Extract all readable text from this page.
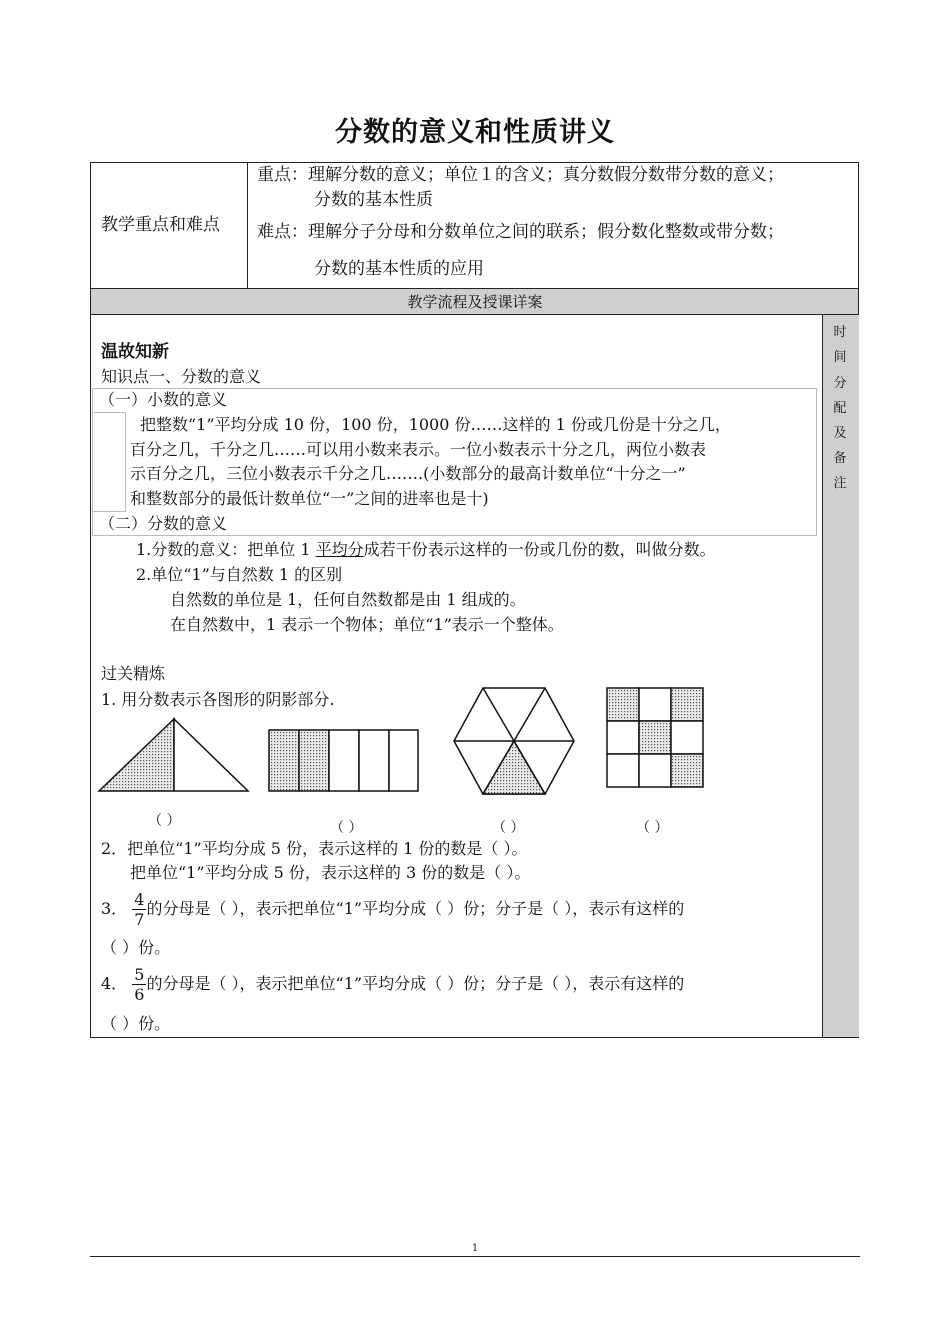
分数的意义和性质讲义
教学重点和难点
重点：理解分数的意义；单位１的含义；真分数假分数带分数的意义；
分数的基本性质
难点：理解分子分母和分数单位之间的联系；假分数化整数或带分数；
分数的基本性质的应用
教学流程及授课详案
时
间
分
配
及
备
注
温故知新
知识点一、分数的意义
（一）小数的意义
把整数“1”平均分成 10 份，100 份，1000 份……这样的 1 份或几份是十分之几，
百分之几，千分之几……可以用小数来表示。一位小数表示十分之几，两位小数表
示百分之几，三位小数表示千分之几…….(小数部分的最高计数单位“十分之一”
和整数部分的最低计数单位“一”之间的进率也是十)
（二）分数的意义
1.分数的意义：把单位 1 平均分成若干份表示这样的一份或几份的数，叫做分数。
2.单位“1”与自然数 1 的区别
自然数的单位是 1，任何自然数都是由 1 组成的。
在自然数中，1 表示一个物体；单位“1”表示一个整体。
过关精炼
1. 用分数表示各图形的阴影部分.
（ ）	（ ）	（ ）	（ ）
2．把单位“1”平均分成 5 份，表示这样的 1 份的数是（ ）。
把单位“1”平均分成 5 份，表示这样的 3 份的数是（ ）。
3． $\frac{4}{7}$ 的分母是（ ），表示把单位“1”平均分成（ ）份；分子是（ ），表示有这样的
（ ）份。
4． $\frac{5}{6}$ 的分母是（ ），表示把单位“1”平均分成（ ）份；分子是（ ），表示有这样的
（ ）份。
1
